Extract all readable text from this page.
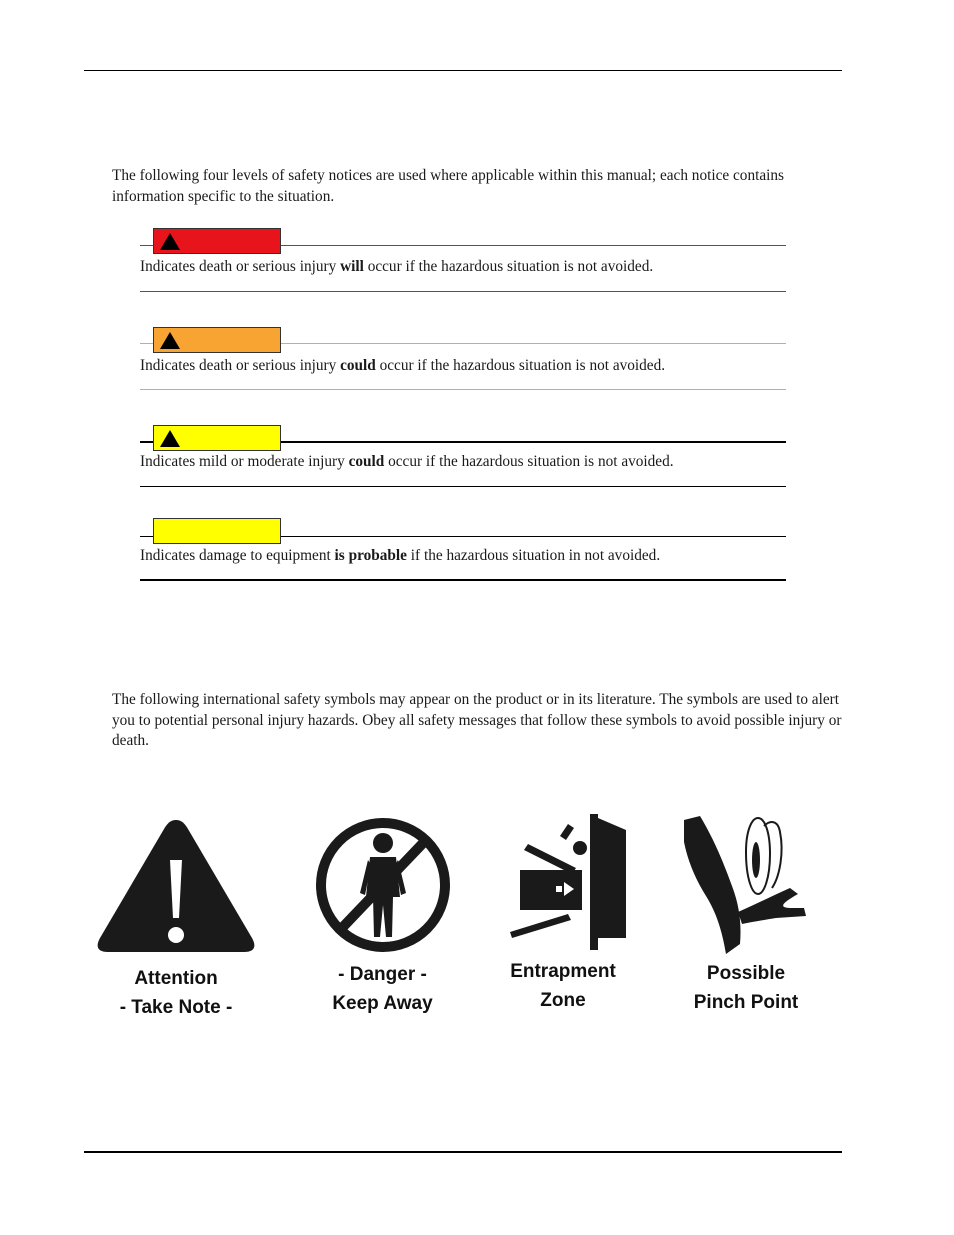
The following four levels of safety notices are used where applicable within this manual; each notice contains information specific to the situation.

Indicates death or serious injury will occur if the hazardous situation is not avoided.

Indicates death or serious injury could occur if the hazardous situation is not avoided.

Indicates mild or moderate injury could occur if the hazardous situation is not avoided.

Indicates damage to equipment is probable if the hazardous situation in not avoided.

The following international safety symbols may appear on the product or in its literature. The symbols are used to alert you to potential personal injury hazards. Obey all safety messages that follow these symbols to avoid possible injury or death.

Attention
- Take Note -
- Danger -
Keep Away
Entrapment
Zone
Possible
Pinch Point
